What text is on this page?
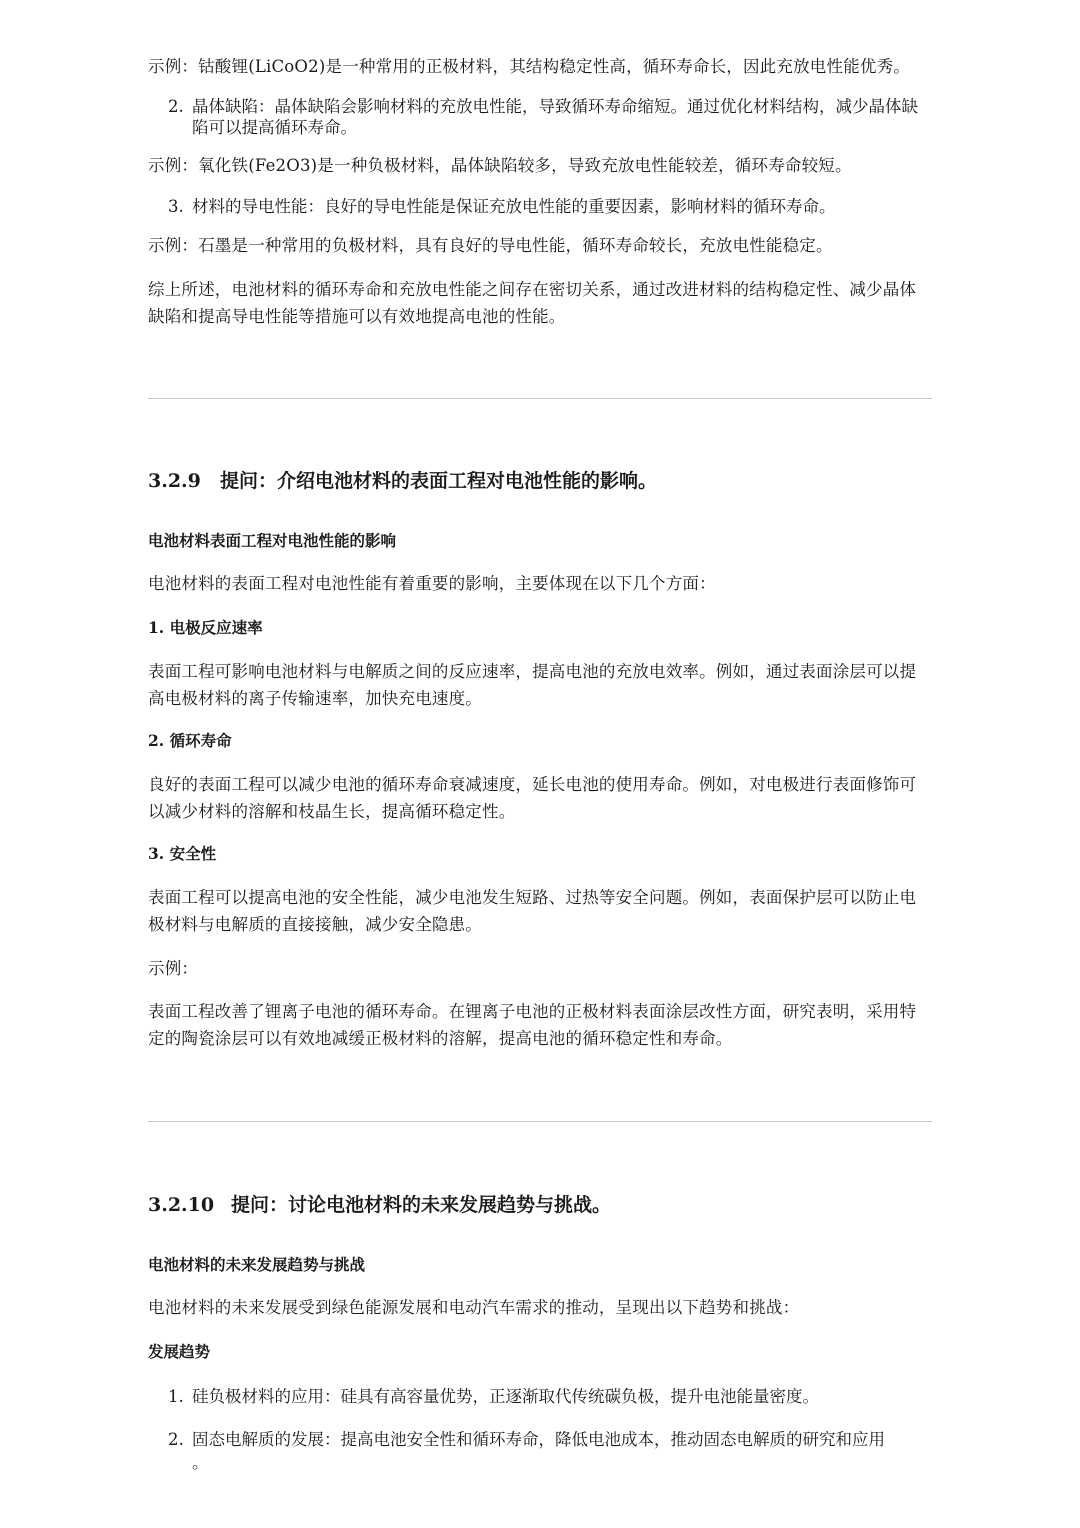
示例：钴酸锂(LiCoO2)是一种常用的正极材料，其结构稳定性高，循环寿命长，因此充放电性能优秀。

2. 晶体缺陷：晶体缺陷会影响材料的充放电性能，导致循环寿命缩短。通过优化材料结构，减少晶体缺陷可以提高循环寿命。

示例：氧化铁(Fe2O3)是一种负极材料，晶体缺陷较多，导致充放电性能较差，循环寿命较短。

3. 材料的导电性能：良好的导电性能是保证充放电性能的重要因素，影响材料的循环寿命。

示例：石墨是一种常用的负极材料，具有良好的导电性能，循环寿命较长，充放电性能稳定。

综上所述，电池材料的循环寿命和充放电性能之间存在密切关系，通过改进材料的结构稳定性、减少晶体缺陷和提高导电性能等措施可以有效地提高电池的性能。

3.2.9 提问：介绍电池材料的表面工程对电池性能的影响。
电池材料表面工程对电池性能的影响

电池材料的表面工程对电池性能有着重要的影响，主要体现在以下几个方面：

1. 电极反应速率

表面工程可影响电池材料与电解质之间的反应速率，提高电池的充放电效率。例如，通过表面涂层可以提高电极材料的离子传输速率，加快充电速度。

2. 循环寿命

良好的表面工程可以减少电池的循环寿命衰减速度，延长电池的使用寿命。例如，对电极进行表面修饰可以减少材料的溶解和枝晶生长，提高循环稳定性。

3. 安全性

表面工程可以提高电池的安全性能，减少电池发生短路、过热等安全问题。例如，表面保护层可以防止电极材料与电解质的直接接触，减少安全隐患。

示例：

表面工程改善了锂离子电池的循环寿命。在锂离子电池的正极材料表面涂层改性方面，研究表明，采用特定的陶瓷涂层可以有效地减缓正极材料的溶解，提高电池的循环稳定性和寿命。

3.2.10 提问：讨论电池材料的未来发展趋势与挑战。
电池材料的未来发展趋势与挑战

电池材料的未来发展受到绿色能源发展和电动汽车需求的推动，呈现出以下趋势和挑战：

发展趋势

1. 硅负极材料的应用：硅具有高容量优势，正逐渐取代传统碳负极，提升电池能量密度。

2. 固态电解质的发展：提高电池安全性和循环寿命，降低电池成本，推动固态电解质的研究和应用

。
